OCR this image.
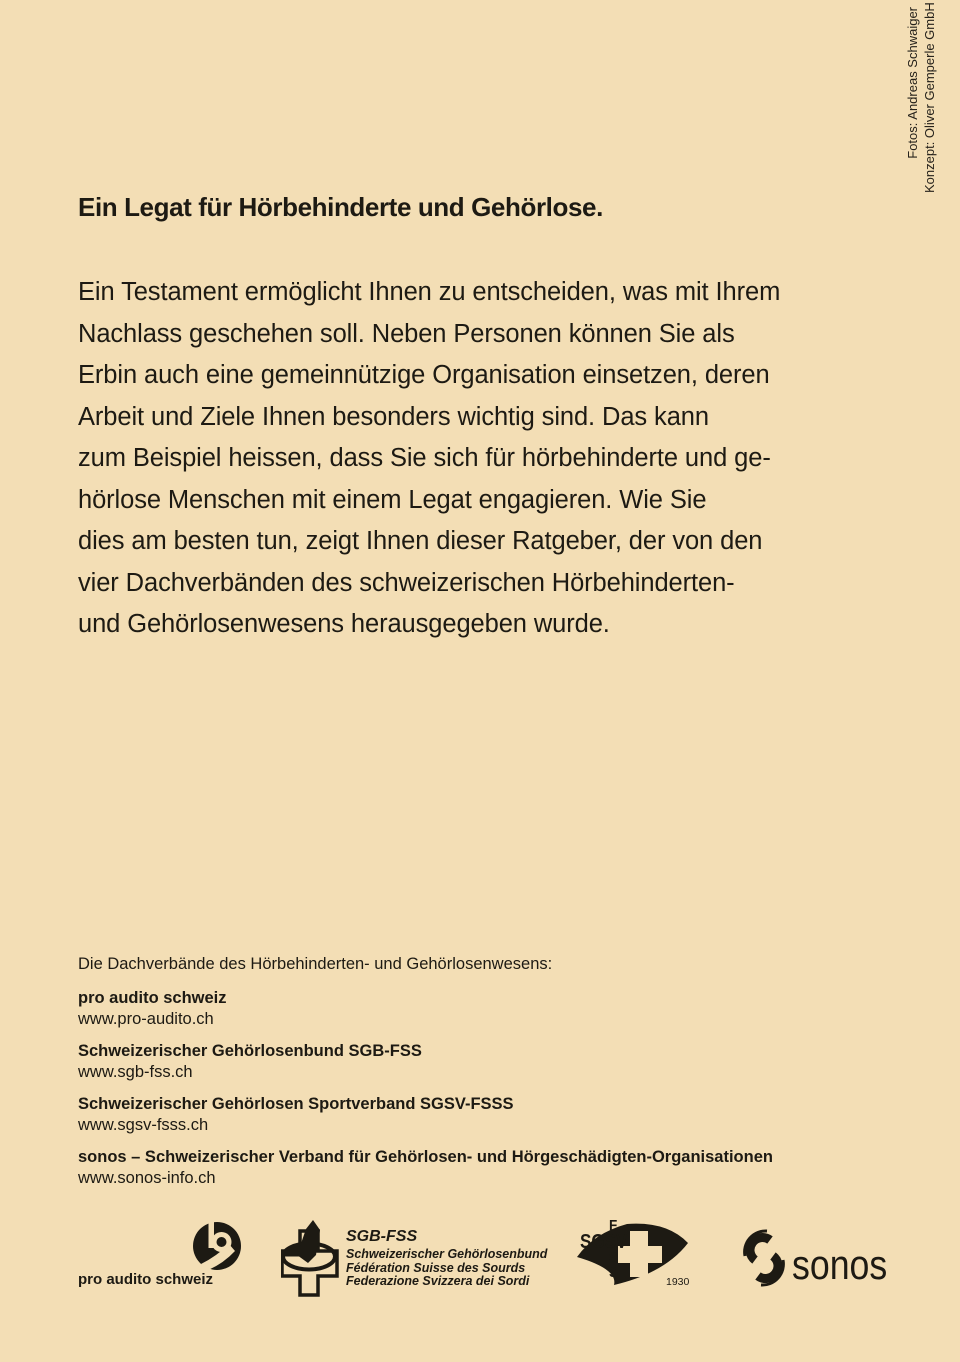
Fotos: Andreas Schwaiger Konzept: Oliver Gemperle GmbH
Ein Legat für Hörbehinderte und Gehörlose.
Ein Testament ermöglicht Ihnen zu entscheiden, was mit Ihrem
Nachlass geschehen soll. Neben Personen können Sie als
Erbin auch eine gemeinnützige Organisation einsetzen, deren
Arbeit und Ziele Ihnen besonders wichtig sind. Das kann
zum Beispiel heissen, dass Sie sich für hörbehinderte und ge-
hörlose Menschen mit einem Legat engagieren. Wie Sie
dies am besten tun, zeigt Ihnen dieser Ratgeber, der von den
vier Dachverbänden des schweizerischen Hörbehinderten-
und Gehörlosenwesens herausgegeben wurde.
Die Dachverbände des Hörbehinderten- und Gehörlosenwesens:
pro audito schweiz
www.pro-audito.ch
Schweizerischer Gehörlosenbund SGB-FSS
www.sgb-fss.ch
Schweizerischer Gehörlosen Sportverband SGSV-FSSS
www.sgsv-fsss.ch
sonos – Schweizerischer Verband für Gehörlosen- und Hörgeschädigten-Organisationen
www.sonos-info.ch
pro audito schweiz
SGB-FSS
Schweizerischer Gehörlosenbund
Fédération Suisse des Sourds
Federazione Svizzera dei Sordi
F
SGSV
S
S
1930 sonos
